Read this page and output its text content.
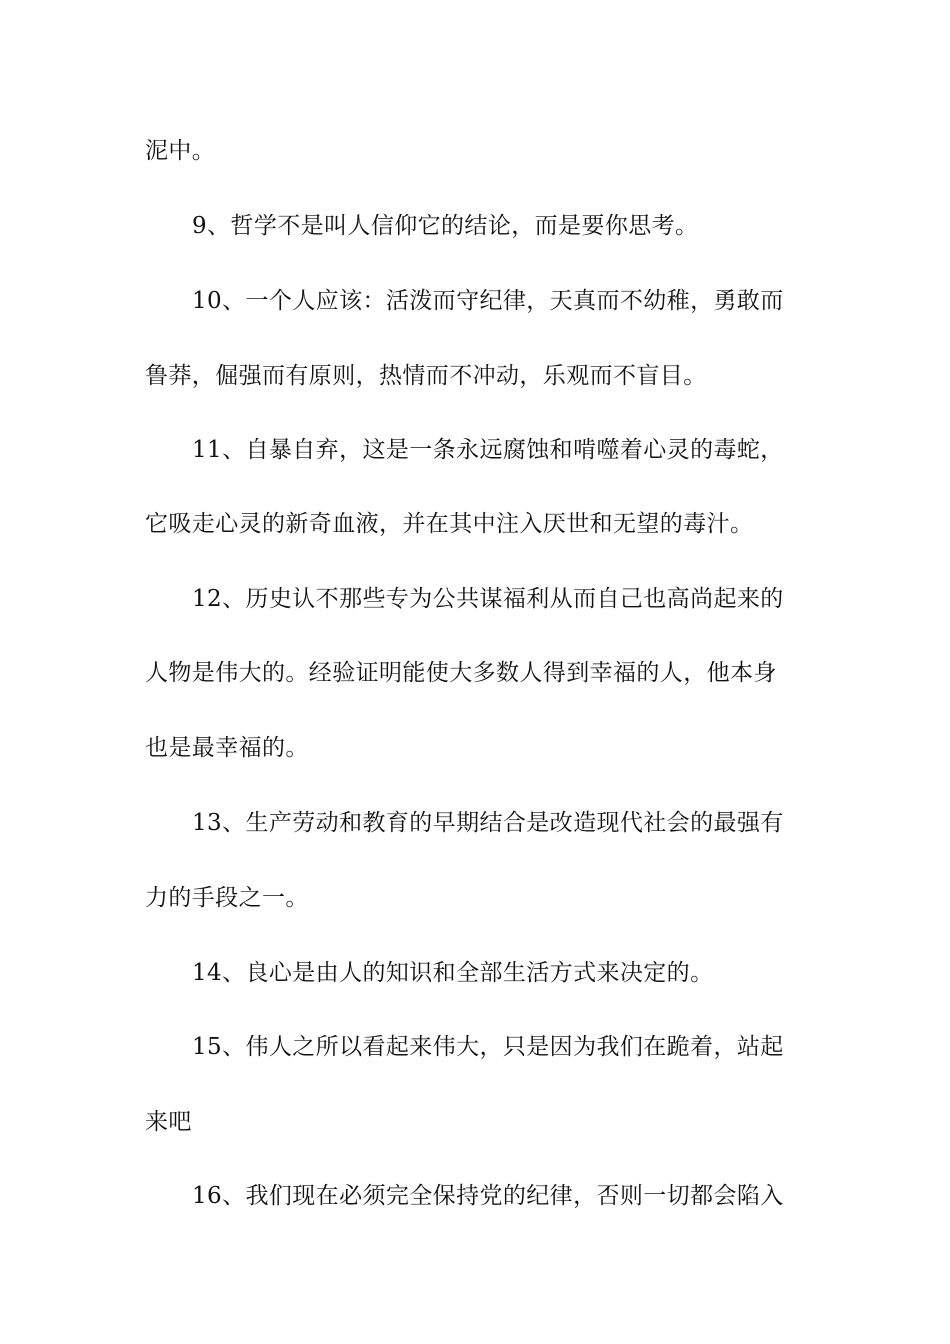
泥中。
9、哲学不是叫人信仰它的结论，而是要你思考。
10、一个人应该：活泼而守纪律，天真而不幼稚，勇敢而
鲁莽，倔强而有原则，热情而不冲动，乐观而不盲目。
11、自暴自弃，这是一条永远腐蚀和啃噬着心灵的毒蛇，
它吸走心灵的新奇血液，并在其中注入厌世和无望的毒汁。
12、历史认不那些专为公共谋福利从而自己也高尚起来的
人物是伟大的。经验证明能使大多数人得到幸福的人，他本身
也是最幸福的。
13、生产劳动和教育的早期结合是改造现代社会的最强有
力的手段之一。
14、良心是由人的知识和全部生活方式来决定的。
15、伟人之所以看起来伟大，只是因为我们在跪着，站起
来吧
16、我们现在必须完全保持党的纪律，否则一切都会陷入
